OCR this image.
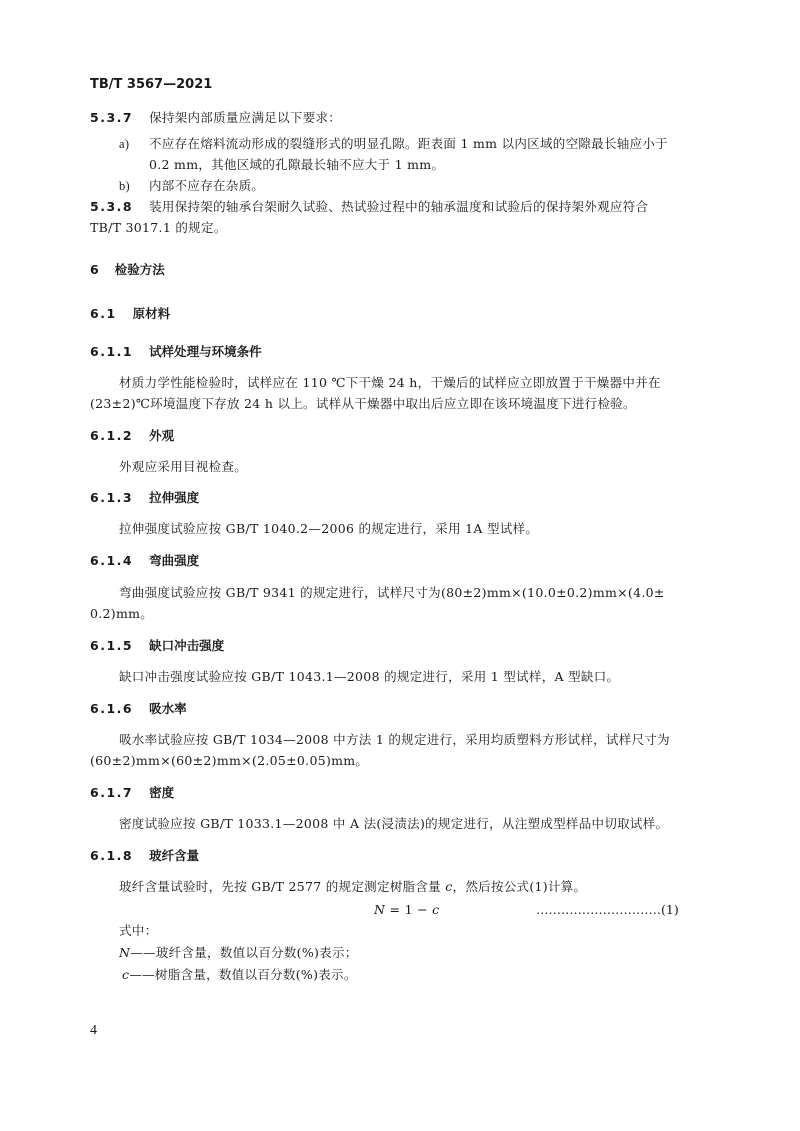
TB/T 3567—2021
5.3.7 保持架内部质量应满足以下要求：
a) 不应存在熔料流动形成的裂缝形式的明显孔隙。距表面 1 mm 以内区域的空隙最长轴应小于
0.2 mm，其他区域的孔隙最长轴不应大于 1 mm。
b) 内部不应存在杂质。
5.3.8 装用保持架的轴承台架耐久试验、热试验过程中的轴承温度和试验后的保持架外观应符合
TB/T 3017.1 的规定。
6 检验方法
6.1 原材料
6.1.1 试样处理与环境条件
材质力学性能检验时，试样应在 110 ℃下干燥 24 h，干燥后的试样应立即放置于干燥器中并在
(23±2)℃环境温度下存放 24 h 以上。试样从干燥器中取出后应立即在该环境温度下进行检验。
6.1.2 外观
外观应采用目视检查。
6.1.3 拉伸强度
拉伸强度试验应按 GB/T 1040.2—2006 的规定进行，采用 1A 型试样。
6.1.4 弯曲强度
弯曲强度试验应按 GB/T 9341 的规定进行，试样尺寸为(80±2)mm×(10.0±0.2)mm×(4.0±
0.2)mm。
6.1.5 缺口冲击强度
缺口冲击强度试验应按 GB/T 1043.1—2008 的规定进行，采用 1 型试样，A 型缺口。
6.1.6 吸水率
吸水率试验应按 GB/T 1034—2008 中方法 1 的规定进行，采用均质塑料方形试样，试样尺寸为
(60±2)mm×(60±2)mm×(2.05±0.05)mm。
6.1.7 密度
密度试验应按 GB/T 1033.1—2008 中 A 法(浸渍法)的规定进行，从注塑成型样品中切取试样。
6.1.8 玻纤含量
玻纤含量试验时，先按 GB/T 2577 的规定测定树脂含量 c，然后按公式(1)计算。
N = 1 − c	…………………………(1)
式中：
N——玻纤含量，数值以百分数(%)表示；
c——树脂含量，数值以百分数(%)表示。
4
